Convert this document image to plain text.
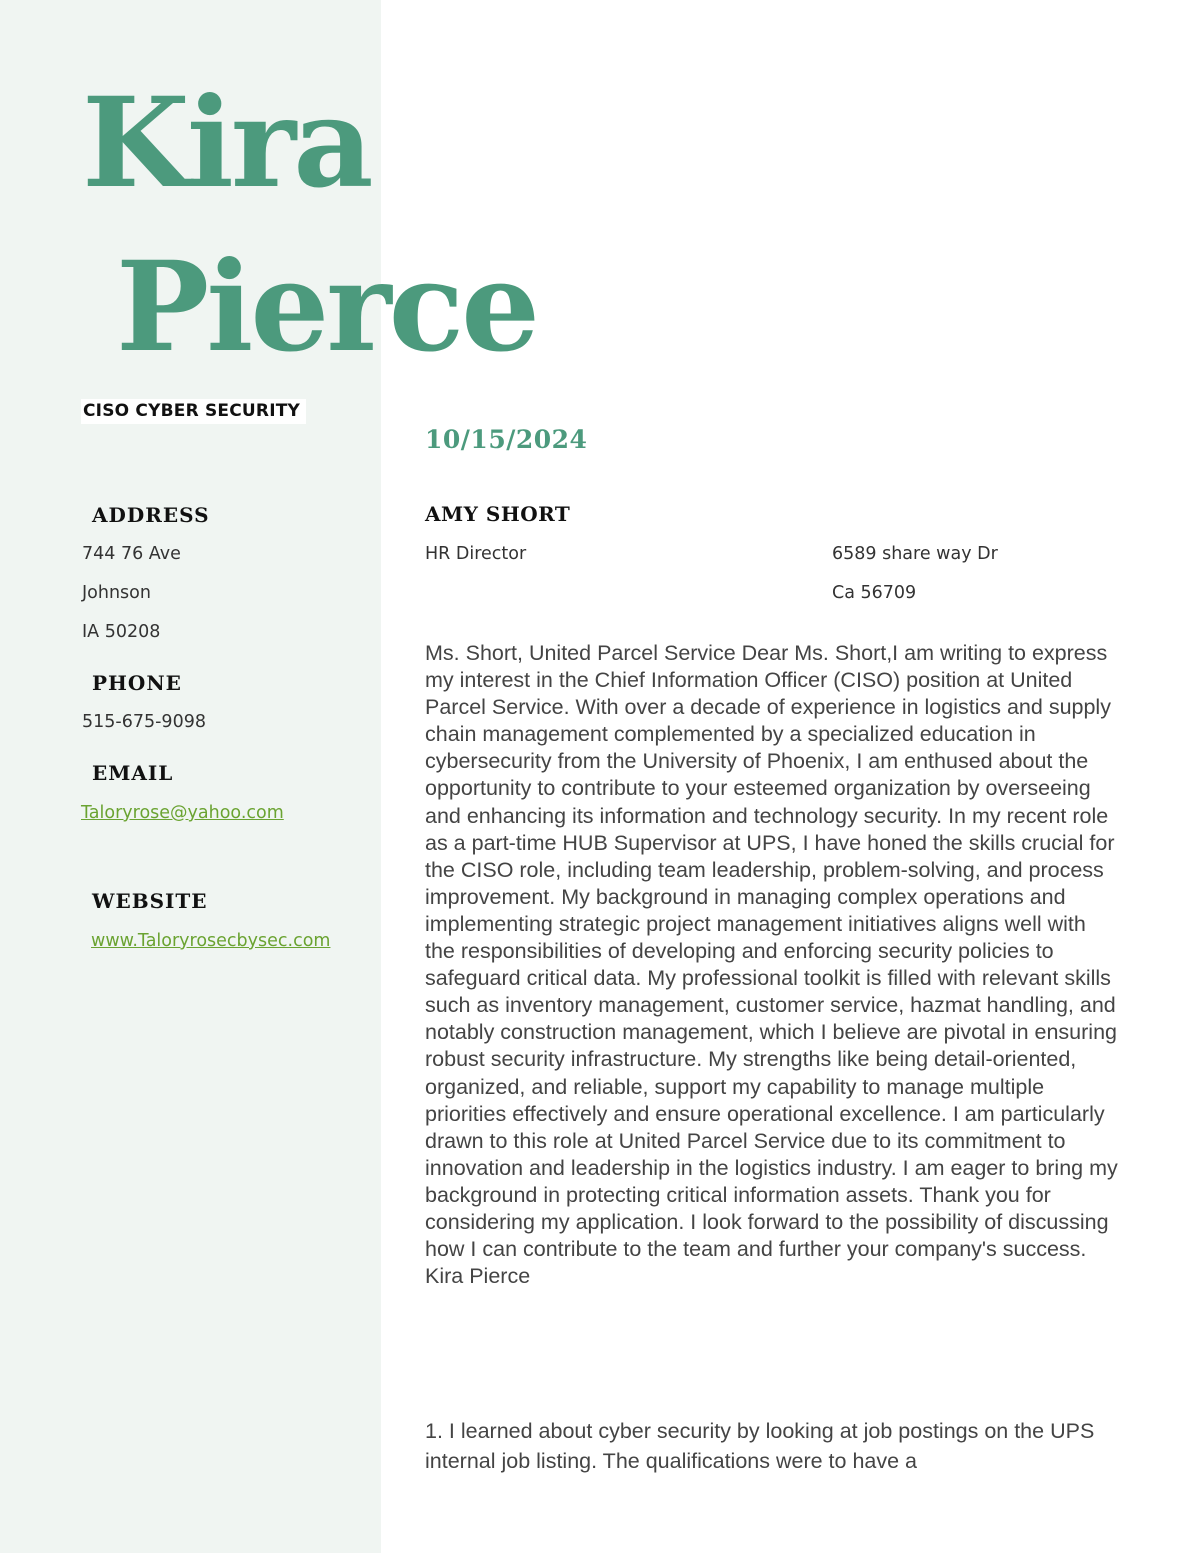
Kira
Pierce
CISO CYBER SECURITY
ADDRESS
744 76 Ave
Johnson
IA 50208
PHONE
515-675-9098
EMAIL
Taloryrose@yahoo.com
WEBSITE
www.Taloryrosecbysec.com
10/15/2024
AMY SHORT
HR Director	6589 share way Dr
Ca 56709

Ms. Short, United Parcel Service Dear Ms. Short,I am writing to express my interest in the Chief Information Officer (CISO) position at United Parcel Service. With over a decade of experience in logistics and supply chain management complemented by a specialized education in cybersecurity from the University of Phoenix, I am enthused about the opportunity to contribute to your esteemed organization by overseeing and enhancing its information and technology security. In my recent role as a part-time HUB Supervisor at UPS, I have honed the skills crucial for the CISO role, including team leadership, problem-solving, and process improvement. My background in managing complex operations and implementing strategic project management initiatives aligns well with the responsibilities of developing and enforcing security policies to safeguard critical data. My professional toolkit is filled with relevant skills such as inventory management, customer service, hazmat handling, and notably construction management, which I believe are pivotal in ensuring robust security infrastructure. My strengths like being detail-oriented, organized, and reliable, support my capability to manage multiple priorities effectively and ensure operational excellence. I am particularly drawn to this role at United Parcel Service due to its commitment to innovation and leadership in the logistics industry. I am eager to bring my background in protecting critical information assets. Thank you for considering my application. I look forward to the possibility of discussing how I can contribute to the team and further your company's success. Kira Pierce

1. I learned about cyber security by looking at job postings on the UPS internal job listing. The qualifications were to have a
